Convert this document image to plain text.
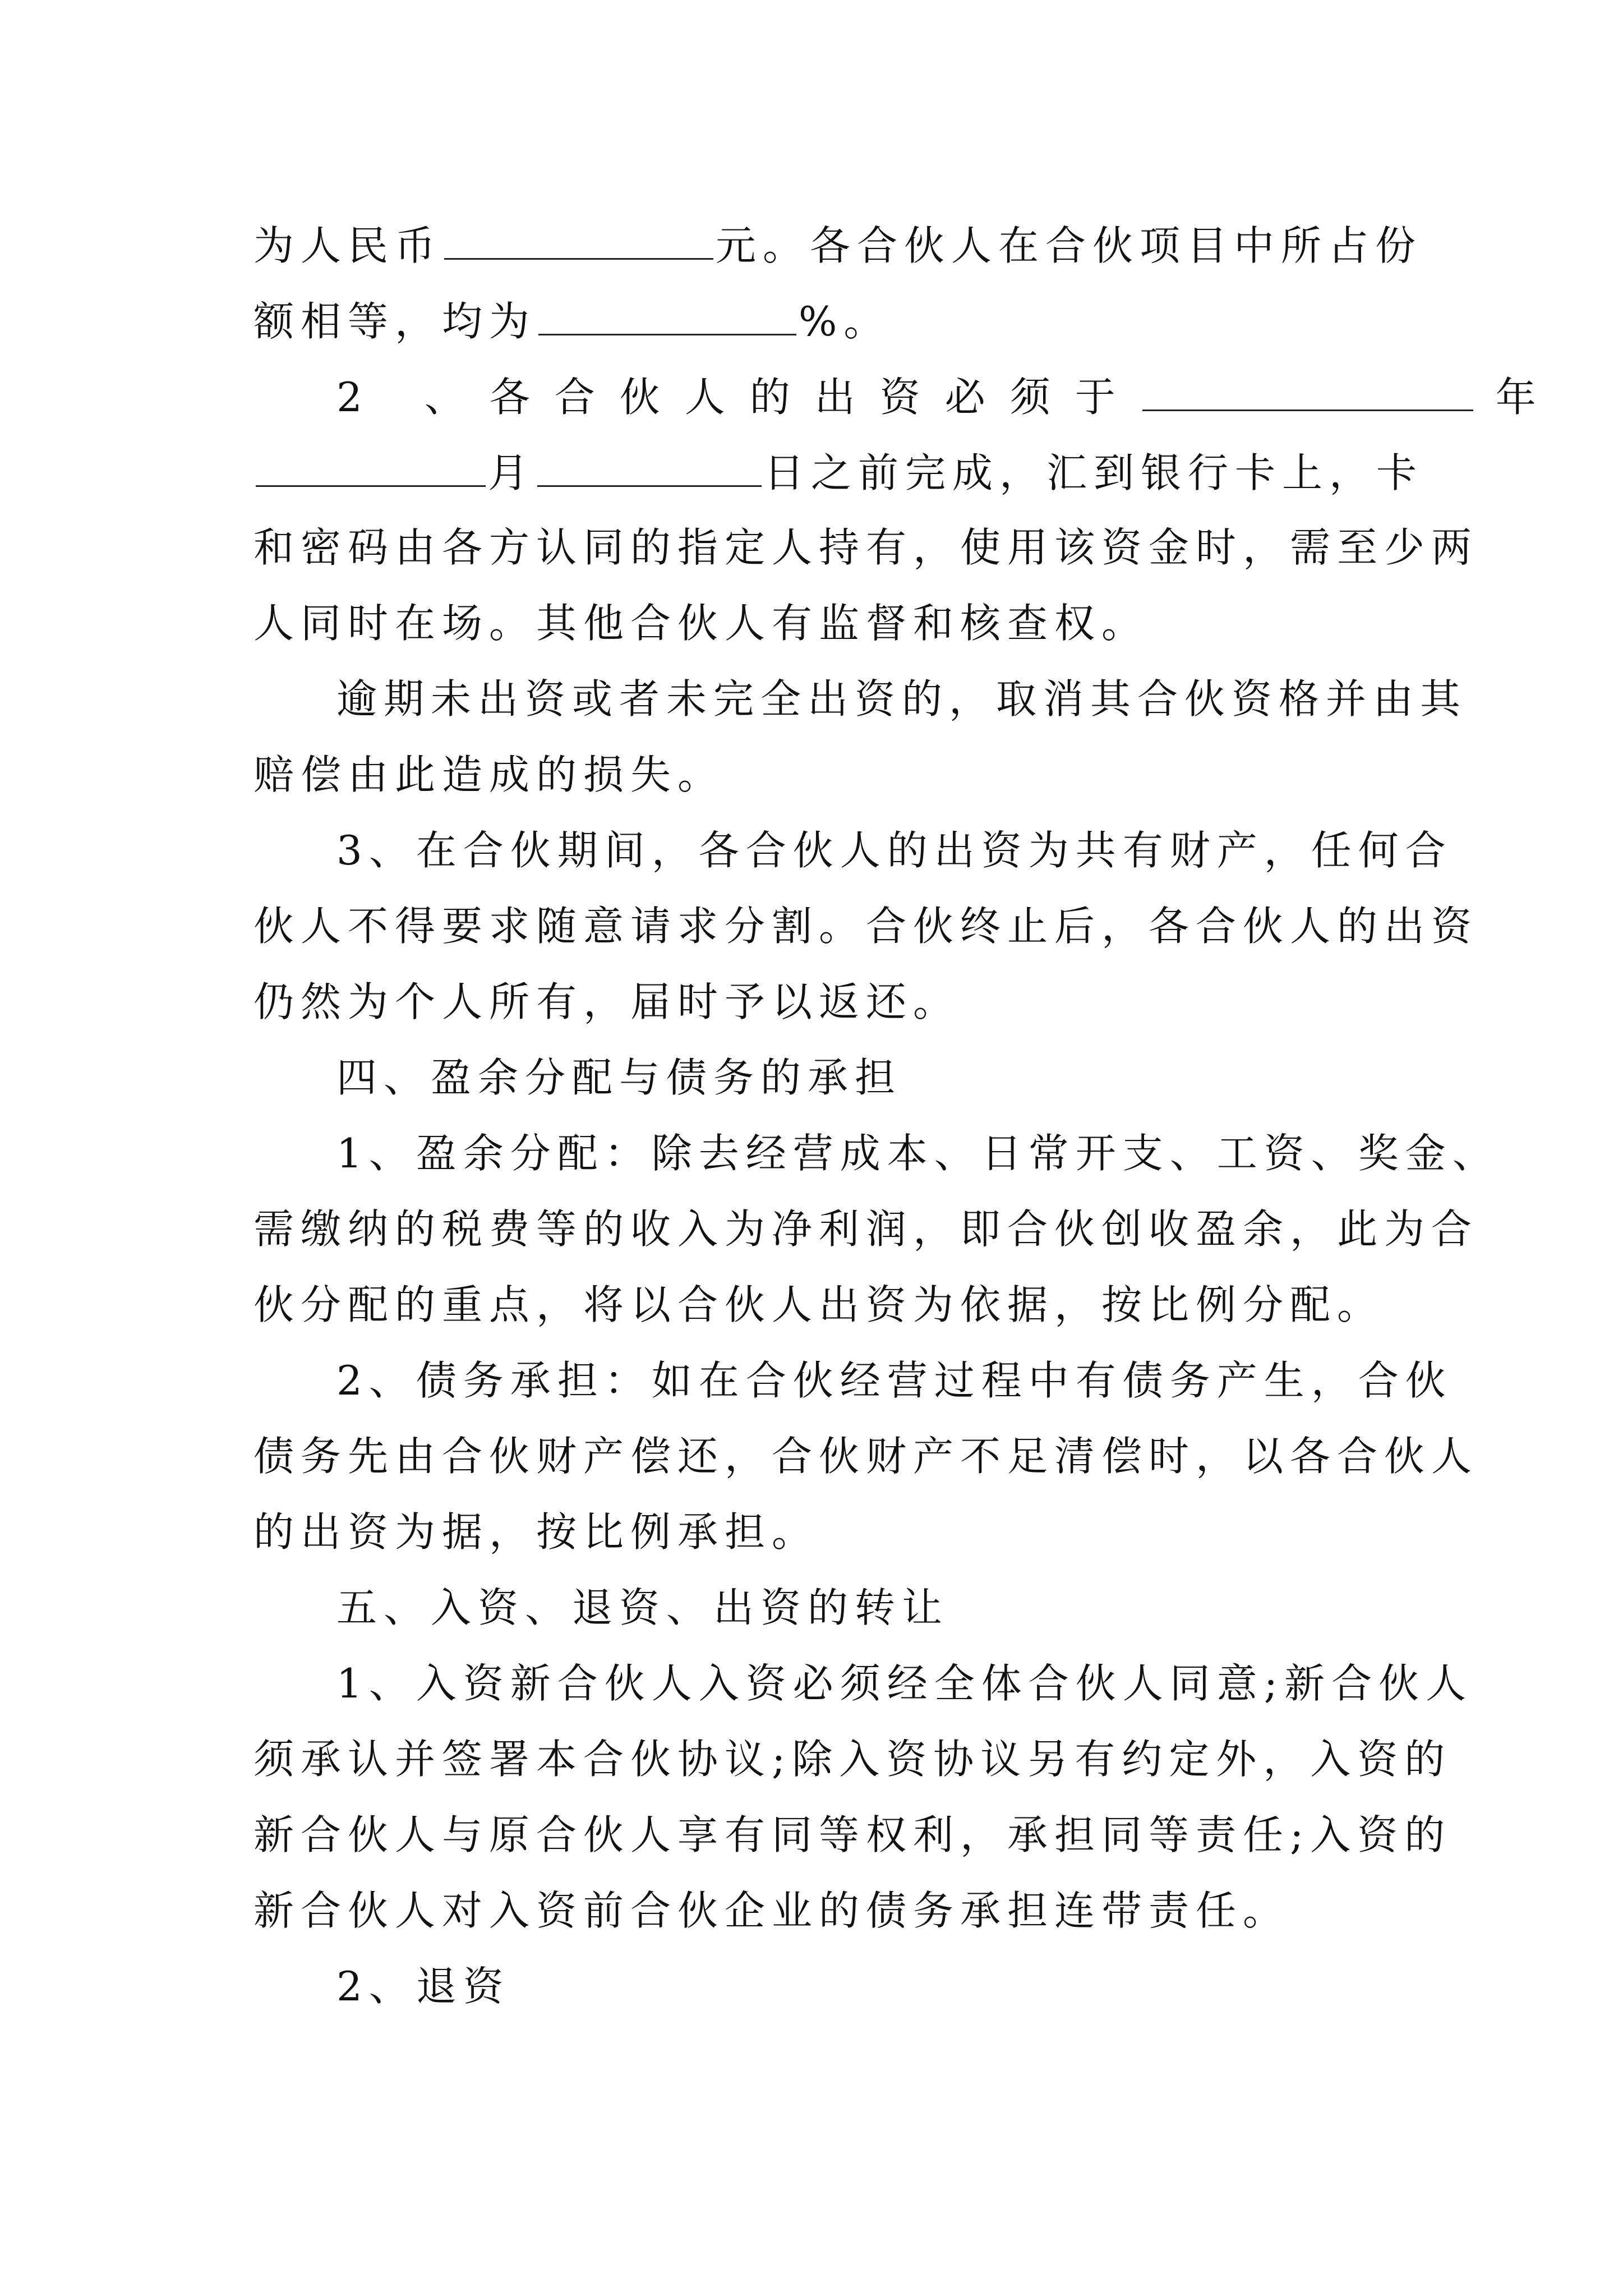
为人民币	元。各合伙人在合伙项目中所占份
额相等，均为	%。
2 、各合伙人的出资必须于	年
月	日之前完成，汇到银行卡上，卡
和密码由各方认同的指定人持有，使用该资金时，需至少两
人同时在场。其他合伙人有监督和核查权。
逾期未出资或者未完全出资的，取消其合伙资格并由其
赔偿由此造成的损失。
3、在合伙期间，各合伙人的出资为共有财产，任何合
伙人不得要求随意请求分割。合伙终止后，各合伙人的出资
仍然为个人所有，届时予以返还。
四、盈余分配与债务的承担
1、盈余分配：除去经营成本、日常开支、工资、奖金、
需缴纳的税费等的收入为净利润，即合伙创收盈余，此为合
伙分配的重点，将以合伙人出资为依据，按比例分配。
2、债务承担：如在合伙经营过程中有债务产生，合伙
债务先由合伙财产偿还，合伙财产不足清偿时，以各合伙人
的出资为据，按比例承担。
五、入资、退资、出资的转让
1、入资新合伙人入资必须经全体合伙人同意;新合伙人
须承认并签署本合伙协议;除入资协议另有约定外，入资的
新合伙人与原合伙人享有同等权利，承担同等责任;入资的
新合伙人对入资前合伙企业的债务承担连带责任。
2、退资
